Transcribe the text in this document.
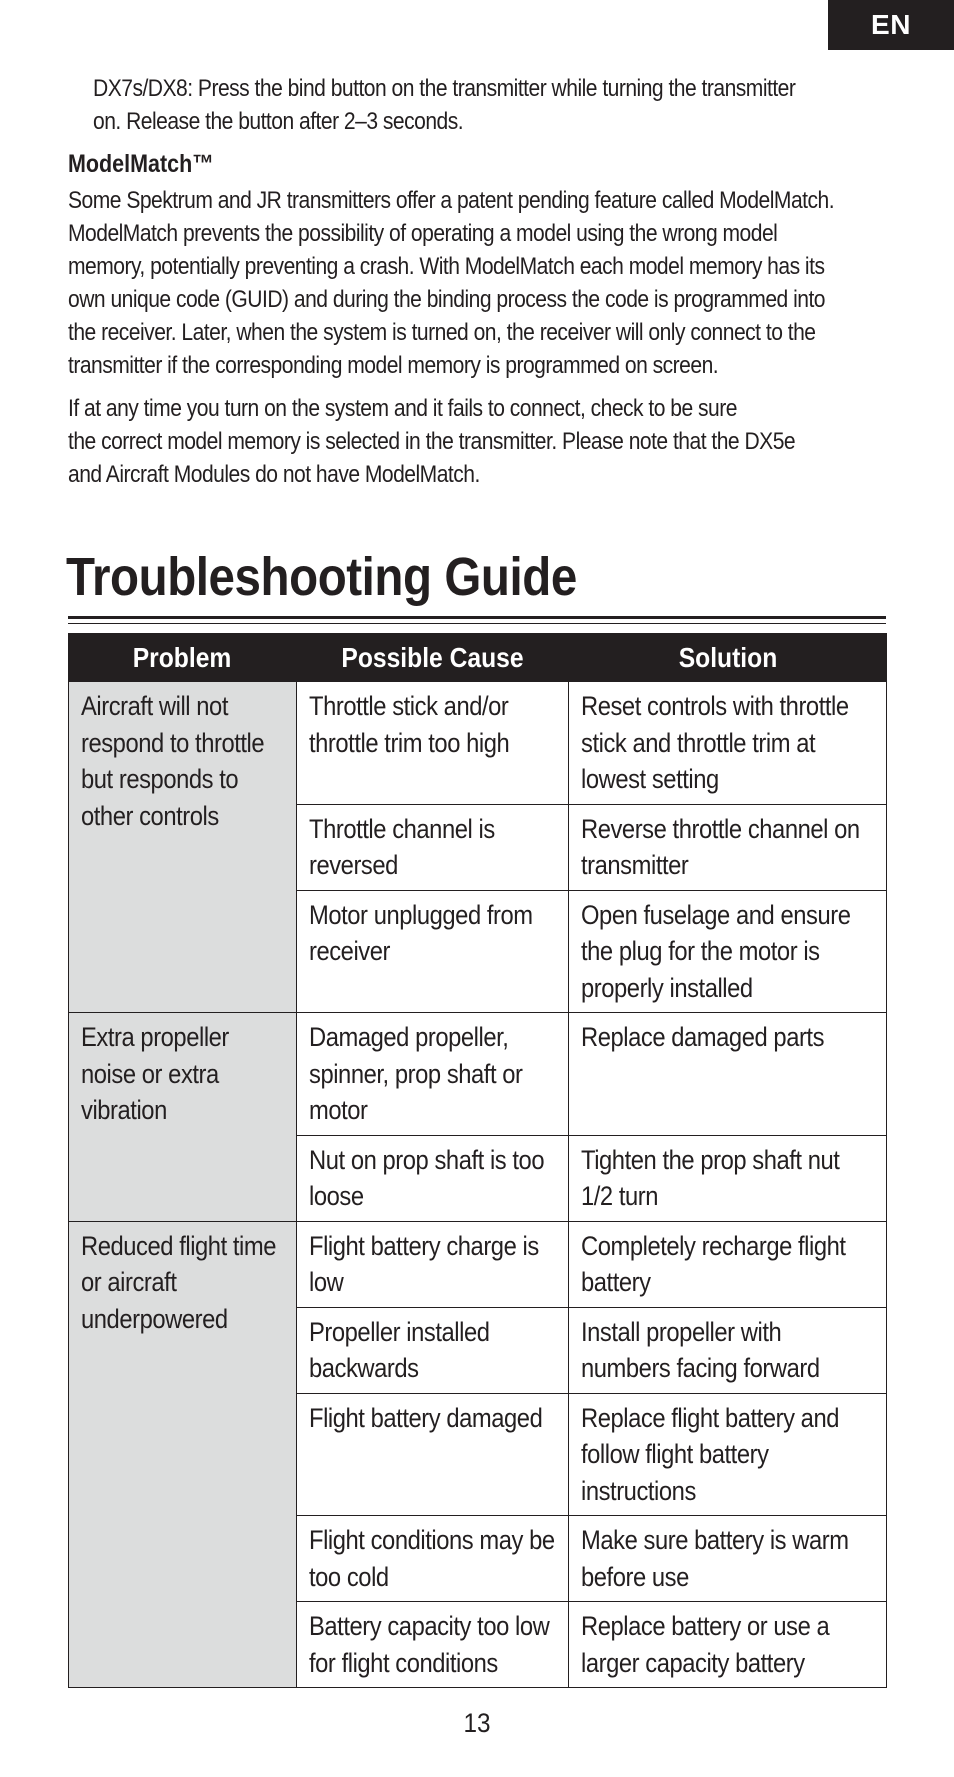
EN
DX7s/DX8: Press the bind button on the transmitter while turning the transmitter
on. Release the button after 2–3 seconds.
ModelMatch™

Some Spektrum and JR transmitters offer a patent pending feature called ModelMatch.

ModelMatch prevents the possibility of operating a model using the wrong model

memory, potentially preventing a crash. With ModelMatch each model memory has its

own unique code (GUID) and during the binding process the code is programmed into

the receiver. Later, when the system is turned on, the receiver will only connect to the

transmitter if the corresponding model memory is programmed on screen.

If at any time you turn on the system and it fails to connect, check to be sure

the correct model memory is selected in the transmitter. Please note that the DX5e

and Aircraft Modules do not have ModelMatch.

Troubleshooting Guide
Problem	Possible Cause	Solution

Aircraft will not respond to throttle but responds to other controls	Throttle stick and/or throttle trim too high	Reset controls with throttle stick and throttle trim at lowest setting

	Throttle channel is reversed	Reverse throttle channel on transmitter

	Motor unplugged from receiver	Open fuselage and ensure the plug for the motor is properly installed

Extra propeller noise or extra vibration	Damaged propeller, spinner, prop shaft or motor	Replace damaged parts

	Nut on prop shaft is too loose	Tighten the prop shaft nut 1/2 turn

Reduced flight time or aircraft underpowered	Flight battery charge is low	Completely recharge flight battery

	Propeller installed backwards	Install propeller with numbers facing forward

	Flight battery damaged	Replace flight battery and follow flight battery instructions

	Flight conditions may be too cold	Make sure battery is warm before use

	Battery capacity too low for flight conditions	Replace battery or use a larger capacity battery
13
